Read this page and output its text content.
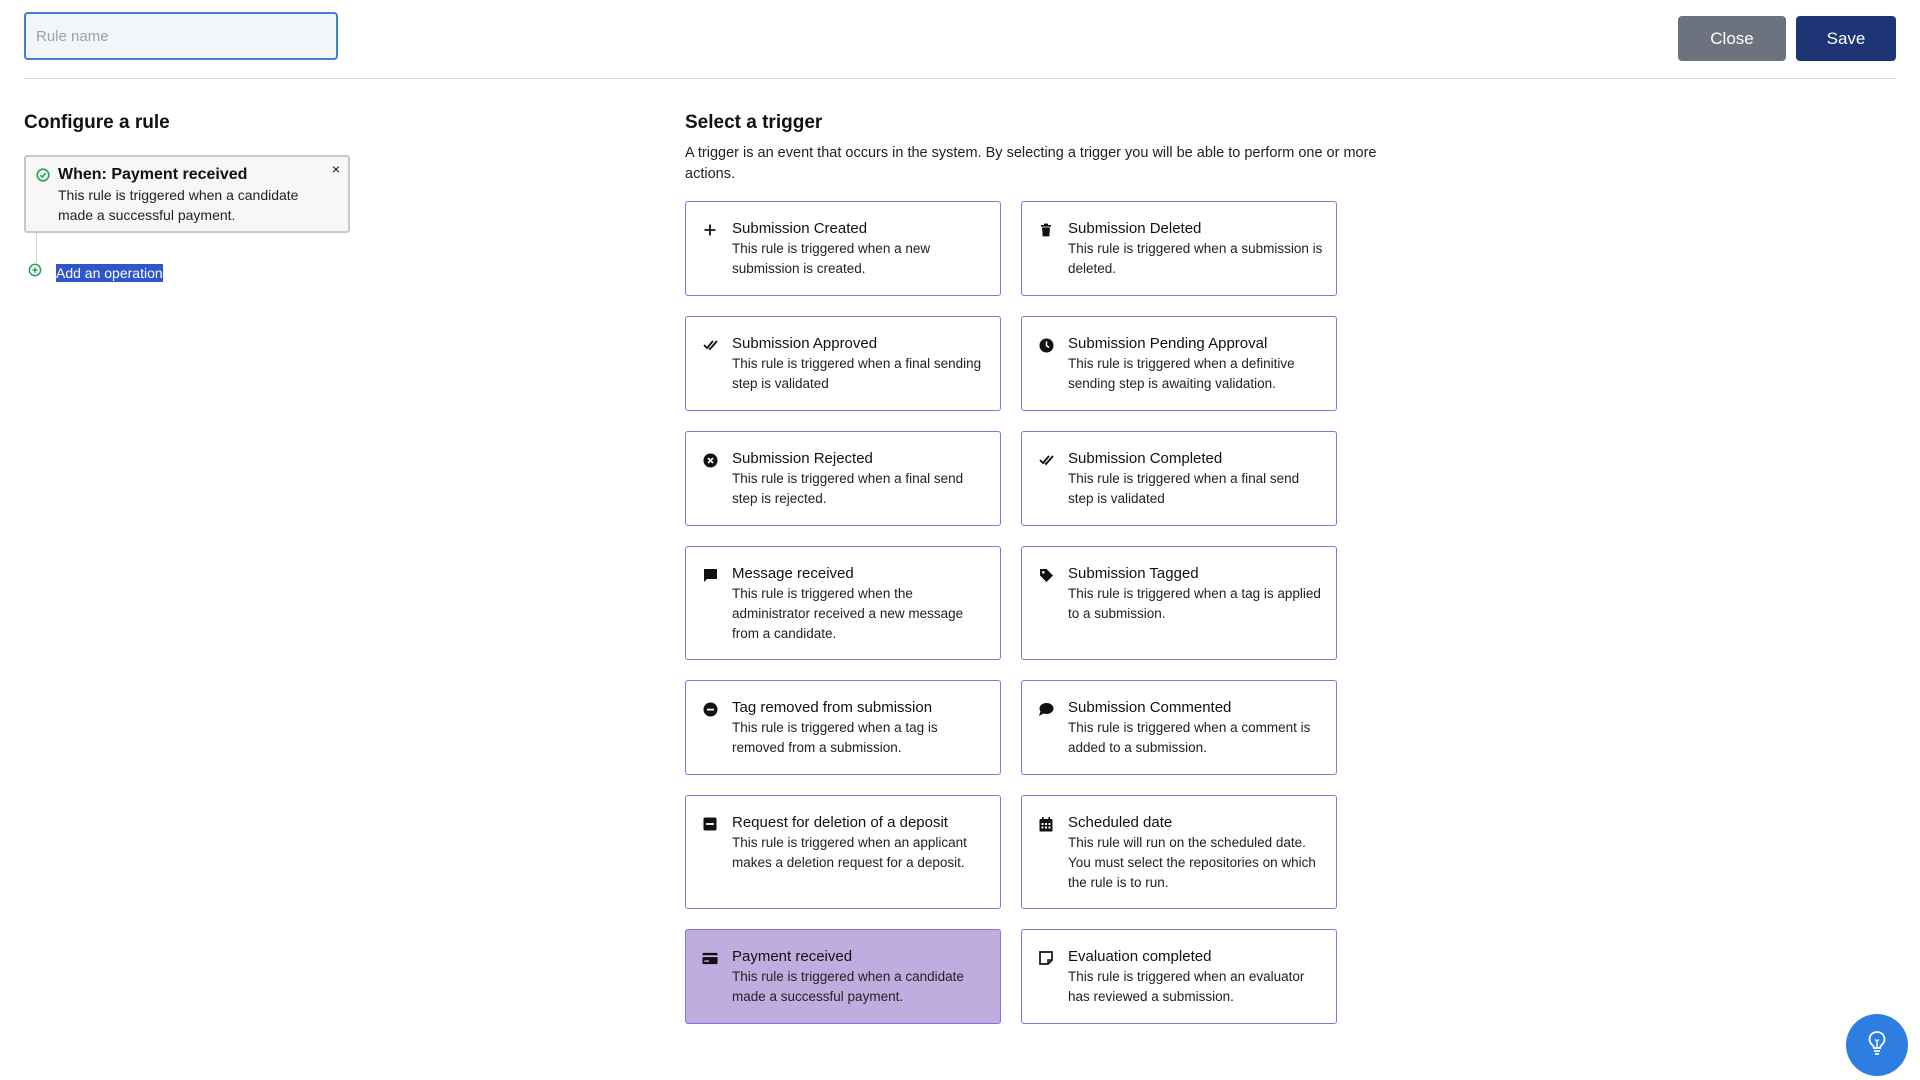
Rule name
Close	Save
Configure a rule
When: Payment received
This rule is triggered when a candidate made a successful payment.
×
Add an operation
Select a trigger
A trigger is an event that occurs in the system. By selecting a trigger you will be able to perform one or more actions.
Submission Created
This rule is triggered when a new submission is created.
Submission Deleted
This rule is triggered when a submission is deleted.
Submission Approved
This rule is triggered when a final sending step is validated
Submission Pending Approval
This rule is triggered when a definitive sending step is awaiting validation.
Submission Rejected
This rule is triggered when a final send step is rejected.
Submission Completed
This rule is triggered when a final send step is validated
Message received
This rule is triggered when the administrator received a new message from a candidate.
Submission Tagged
This rule is triggered when a tag is applied to a submission.
Tag removed from submission
This rule is triggered when a tag is removed from a submission.
Submission Commented
This rule is triggered when a comment is added to a submission.
Request for deletion of a deposit
This rule is triggered when an applicant makes a deletion request for a deposit.
Scheduled date
This rule will run on the scheduled date. You must select the repositories on which the rule is to run.
Payment received
This rule is triggered when a candidate made a successful payment.
Evaluation completed
This rule is triggered when an evaluator has reviewed a submission.
